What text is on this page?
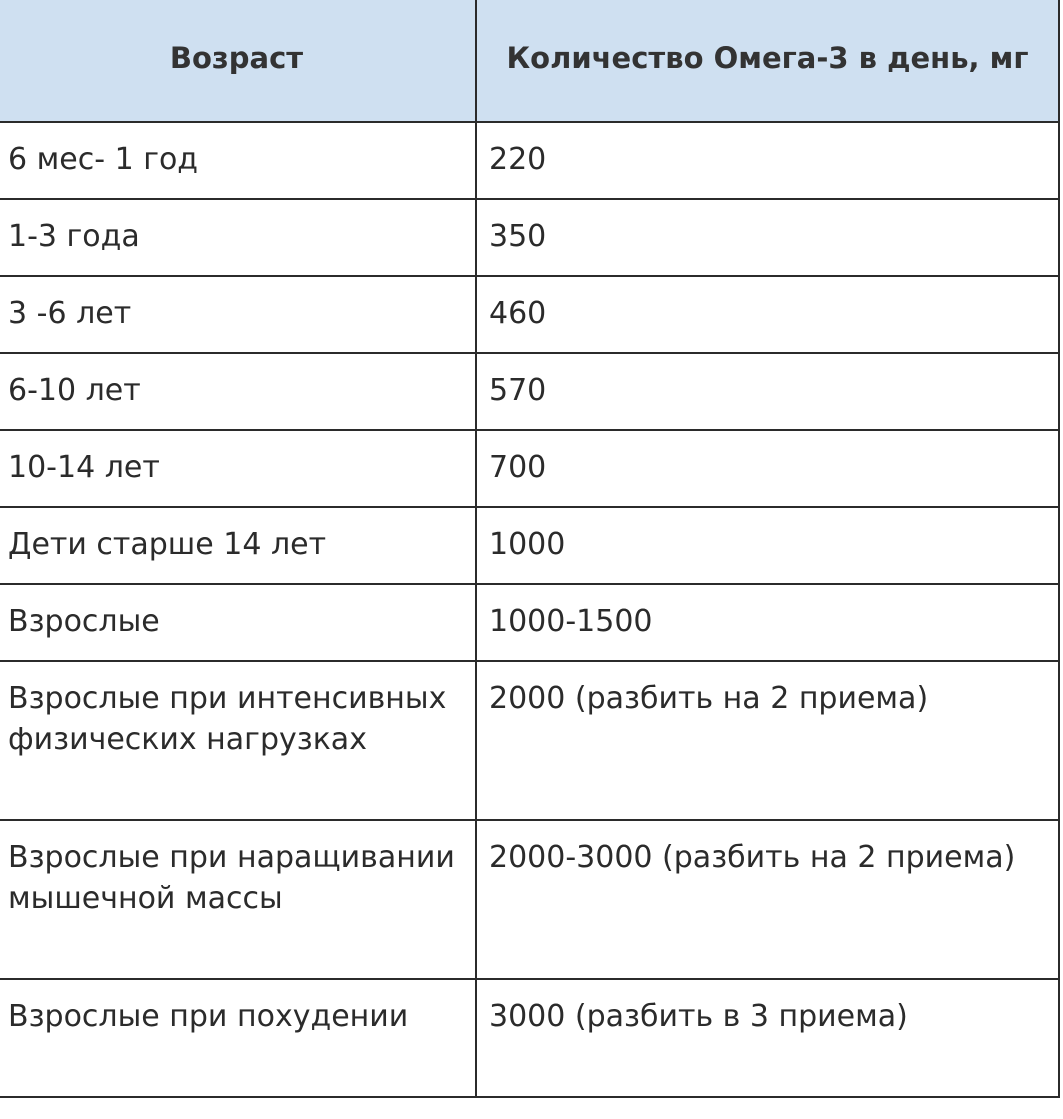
Возраст	Количество Омега-3 в день, мг
6 мес- 1 год	220
1-3 года	350
3 -6 лет	460
6-10 лет	570
10-14 лет	700
Дети старше 14 лет	1000
Взрослые	1000-1500
Взрослые при интенсивных физических нагрузках	2000 (разбить на 2 приема)
Взрослые при наращивании мышечной массы	2000-3000 (разбить на 2 приема)
Взрослые при похудении	3000 (разбить в 3 приема)
